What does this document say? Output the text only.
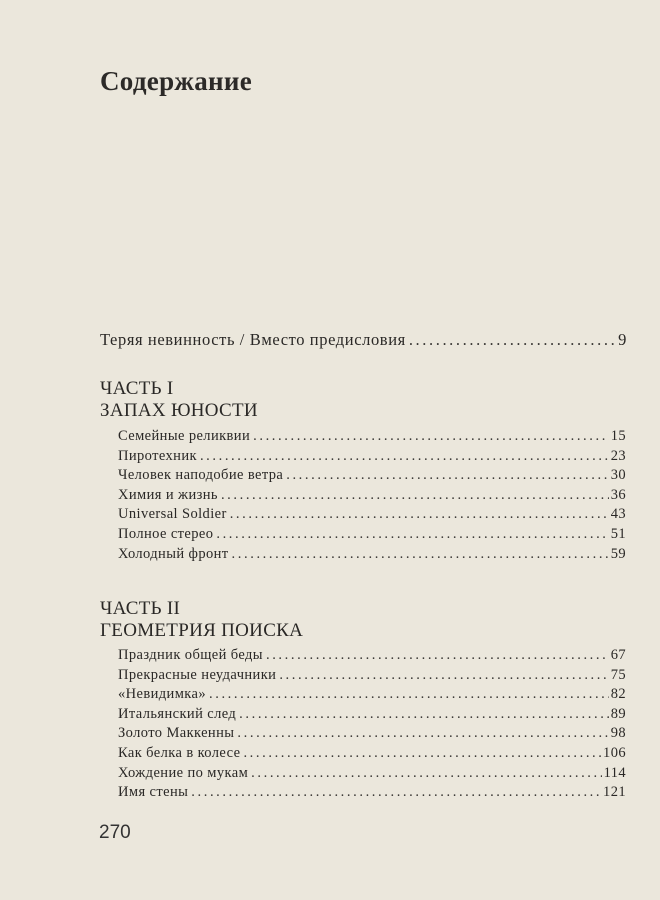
Содержание
Теряя невинность / Вместо предисловия .....	9
ЧАСТЬ I
ЗАПАХ ЮНОСТИ
Семейные реликвии .....	15
Пиротехник .....	23
Человек наподобие ветра .....	30
Химия и жизнь .....	36
Universal Soldier .....	43
Полное стерео .....	51
Холодный фронт .....	59
ЧАСТЬ II
ГЕОМЕТРИЯ ПОИСКА
Праздник общей беды .....	67
Прекрасные неудачники .....	75
«Невидимка» .....	82
Итальянский след .....	89
Золото Маккенны .....	98
Как белка в колесе .....	106
Хождение по мукам .....	114
Имя стены .....	121
270
